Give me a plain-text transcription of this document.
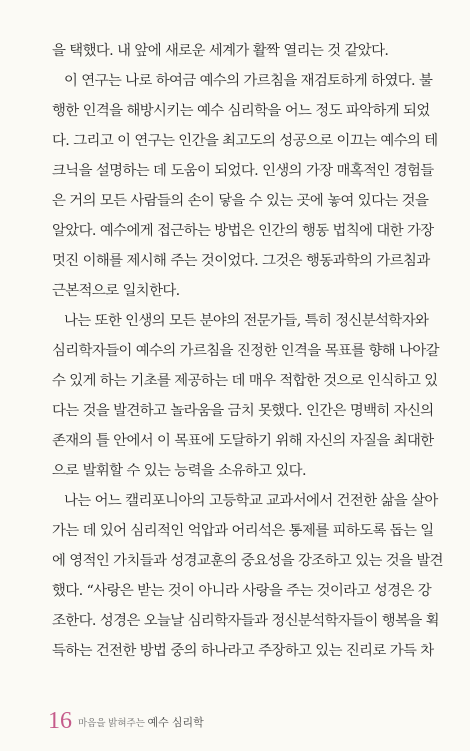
을 택했다. 내 앞에 새로운 세계가 활짝 열리는 것 같았다.
이 연구는 나로 하여금 예수의 가르침을 재검토하게 하였다. 불
행한 인격을 해방시키는 예수 심리학을 어느 정도 파악하게 되었
다. 그리고 이 연구는 인간을 최고도의 성공으로 이끄는 예수의 테
크닉을 설명하는 데 도움이 되었다. 인생의 가장 매혹적인 경험들
은 거의 모든 사람들의 손이 닿을 수 있는 곳에 놓여 있다는 것을
알았다. 예수에게 접근하는 방법은 인간의 행동 법칙에 대한 가장
멋진 이해를 제시해 주는 것이었다. 그것은 행동과학의 가르침과
근본적으로 일치한다.
나는 또한 인생의 모든 분야의 전문가들, 특히 정신분석학자와
심리학자들이 예수의 가르침을 진정한 인격을 목표를 향해 나아갈
수 있게 하는 기초를 제공하는 데 매우 적합한 것으로 인식하고 있
다는 것을 발견하고 놀라움을 금치 못했다. 인간은 명백히 자신의
존재의 틀 안에서 이 목표에 도달하기 위해 자신의 자질을 최대한
으로 발휘할 수 있는 능력을 소유하고 있다.
나는 어느 캘리포니아의 고등학교 교과서에서 건전한 삶을 살아
가는 데 있어 심리적인 억압과 어리석은 통제를 피하도록 돕는 일
에 영적인 가치들과 성경교훈의 중요성을 강조하고 있는 것을 발견
했다. “사랑은 받는 것이 아니라 사랑을 주는 것이라고 성경은 강
조한다. 성경은 오늘날 심리학자들과 정신분석학자들이 행복을 획
득하는 건전한 방법 중의 하나라고 주장하고 있는 진리로 가득 차
16 마음을 밝혀주는 예수 심리학
